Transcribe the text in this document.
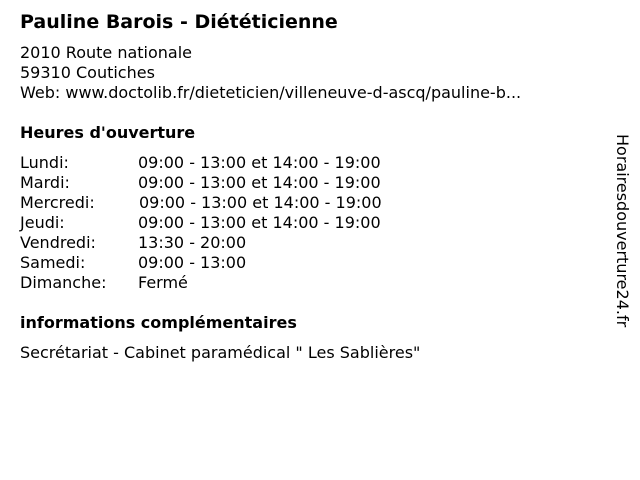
Pauline Barois - Diététicienne
2010 Route nationale
59310 Coutiches
Web: www.doctolib.fr/dieteticien/villeneuve-d-ascq/pauline-b...
Heures d'ouverture
Lundi:	09:00 - 13:00 et 14:00 - 19:00
Mardi:	09:00 - 13:00 et 14:00 - 19:00
Mercredi:	09:00 - 13:00 et 14:00 - 19:00
Jeudi:	09:00 - 13:00 et 14:00 - 19:00
Vendredi:	13:30 - 20:00
Samedi:	09:00 - 13:00
Dimanche: Fermé
informations complémentaires
Secrétariat - Cabinet paramédical " Les Sablières"
Horairesdouverture24.fr
